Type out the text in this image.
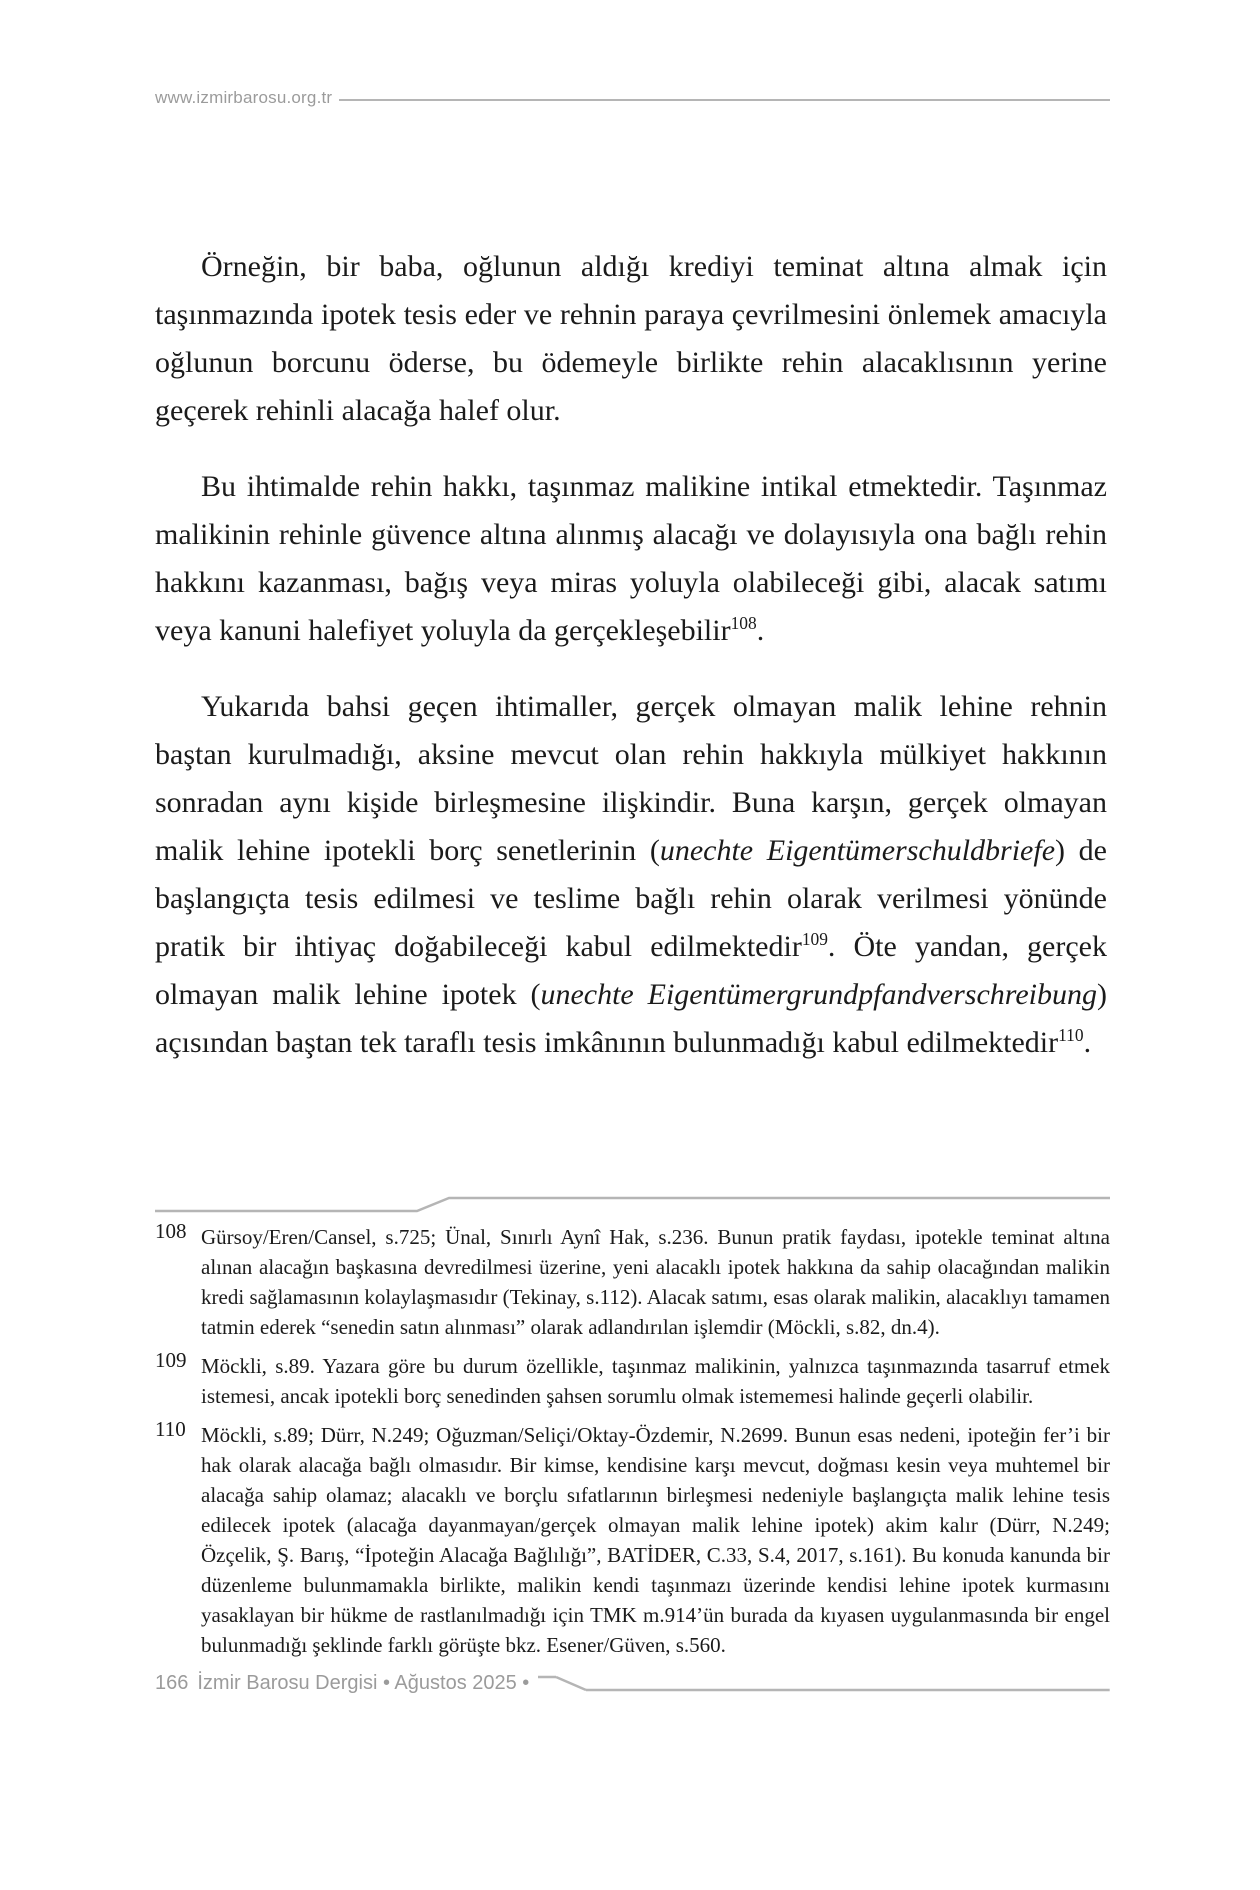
www.izmirbarosu.org.tr

Örneğin, bir baba, oğlunun aldığı krediyi teminat altına almak için taşınmazında ipotek tesis eder ve rehnin paraya çevrilmesini önlemek amacıyla oğlunun borcunu öderse, bu ödemeyle birlikte rehin alacaklısının yerine geçerek rehinli alacağa halef olur.

Bu ihtimalde rehin hakkı, taşınmaz malikine intikal etmektedir. Taşınmaz malikinin rehinle güvence altına alınmış alacağı ve dolayısıyla ona bağlı rehin hakkını kazanması, bağış veya miras yoluyla olabileceği gibi, alacak satımı veya kanuni halefiyet yoluyla da gerçekleşebilir$^{108}$.

Yukarıda bahsi geçen ihtimaller, gerçek olmayan malik lehine rehnin baştan kurulmadığı, aksine mevcut olan rehin hakkıyla mülkiyet hakkının sonradan aynı kişide birleşmesine ilişkindir. Buna karşın, gerçek olmayan malik lehine ipotekli borç senetlerinin (unechte Eigentümerschuldbriefe) de başlangıçta tesis edilmesi ve teslime bağlı rehin olarak verilmesi yönünde pratik bir ihtiyaç doğabileceği kabul edilmektedir$^{109}$. Öte yandan, gerçek olmayan malik lehine ipotek (unechte Eigentümergrundpfandverschreibung) açısından baştan tek taraflı tesis imkânının bulunmadığı kabul edilmektedir$^{110}$.

108 Gürsoy/Eren/Cansel, s.725; Ünal, Sınırlı Aynî Hak, s.236. Bunun pratik faydası, ipotekle teminat altına alınan alacağın başkasına devredilmesi üzerine, yeni alacaklı ipotek hakkına da sahip olacağından malikin kredi sağlamasının kolaylaşmasıdır (Tekinay, s.112). Alacak satımı, esas olarak malikin, alacaklıyı tamamen tatmin ederek “senedin satın alınması” olarak adlandırılan işlemdir (Möckli, s.82, dn.4).
109 Möckli, s.89. Yazara göre bu durum özellikle, taşınmaz malikinin, yalnızca taşınmazında tasarruf etmek istemesi, ancak ipotekli borç senedinden şahsen sorumlu olmak istememesi halinde geçerli olabilir.
110 Möckli, s.89; Dürr, N.249; Oğuzman/Seliçi/Oktay-Özdemir, N.2699. Bunun esas nedeni, ipoteğin fer’i bir hak olarak alacağa bağlı olmasıdır. Bir kimse, kendisine karşı mevcut, doğması kesin veya muhtemel bir alacağa sahip olamaz; alacaklı ve borçlu sıfatlarının birleşmesi nedeniyle başlangıçta malik lehine tesis edilecek ipotek (alacağa dayanmayan/gerçek olmayan malik lehine ipotek) akim kalır (Dürr, N.249; Özçelik, Ş. Barış, “İpoteğin Alacağa Bağlılığı”, BATİDER, C.33, S.4, 2017, s.161). Bu konuda kanunda bir düzenleme bulunmamakla birlikte, malikin kendi taşınmazı üzerinde kendisi lehine ipotek kurmasını yasaklayan bir hükme de rastlanılmadığı için TMK m.914’ün burada da kıyasen uygulanmasında bir engel bulunmadığı şeklinde farklı görüşte bkz. Esener/Güven, s.560.
166 İzmir Barosu Dergisi • Ağustos 2025 •
